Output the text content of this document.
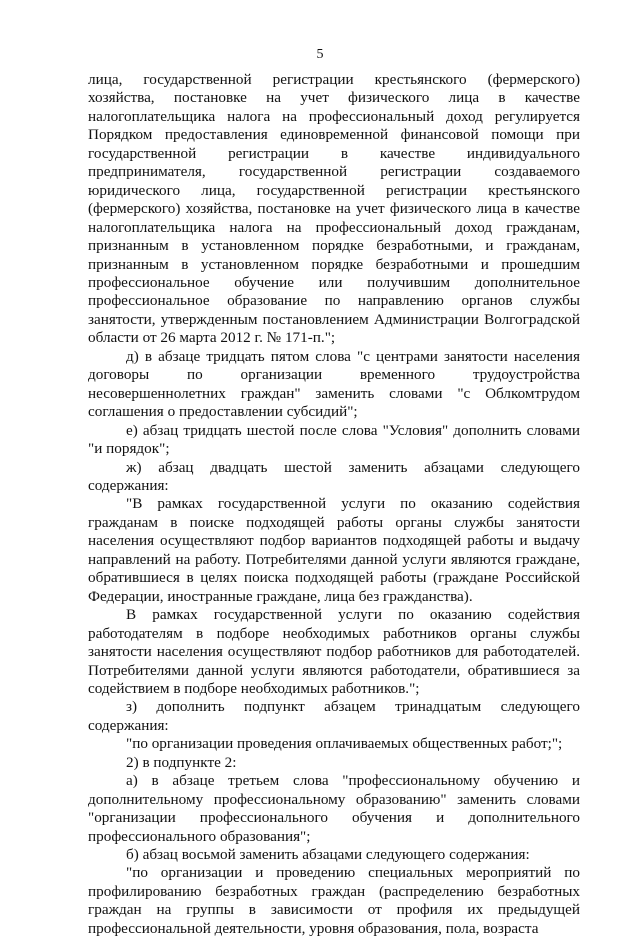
5

лица, государственной регистрации крестьянского (фермерского) хозяйства, постановке на учет физического лица в качестве налогоплательщика налога на профессиональный доход регулируется Порядком предоставления единовременной финансовой помощи при государственной регистрации в качестве индивидуального предпринимателя, государственной регистрации создаваемого юридического лица, государственной регистрации крестьянского (фермерского) хозяйства, постановке на учет физического лица в качестве налогоплательщика налога на профессиональный доход гражданам, признанным в установленном порядке безработными, и гражданам, признанным в установленном порядке безработными и прошедшим профессиональное обучение или получившим дополнительное профессиональное образование по направлению органов службы занятости, утвержденным постановлением Администрации Волгоградской области от 26 марта 2012 г. № 171-п.";

д) в абзаце тридцать пятом слова "с центрами занятости населения договоры по организации временного трудоустройства несовершеннолетних граждан" заменить словами "с Облкомтрудом соглашения о предоставлении субсидий";

е) абзац тридцать шестой после слова "Условия" дополнить словами "и порядок";

ж) абзац двадцать шестой заменить абзацами следующего содержания:

"В рамках государственной услуги по оказанию содействия гражданам в поиске подходящей работы органы службы занятости населения осуществляют подбор вариантов подходящей работы и выдачу направлений на работу. Потребителями данной услуги являются граждане, обратившиеся в целях поиска подходящей работы (граждане Российской Федерации, иностранные граждане, лица без гражданства).

В рамках государственной услуги по оказанию содействия работодателям в подборе необходимых работников органы службы занятости населения осуществляют подбор работников для работодателей. Потребителями данной услуги являются работодатели, обратившиеся за содействием в подборе необходимых работников.";

з) дополнить подпункт абзацем тринадцатым следующего содержания:

"по организации проведения оплачиваемых общественных работ;";

2) в подпункте 2:

а) в абзаце третьем слова "профессиональному обучению и дополнительному профессиональному образованию" заменить словами "организации профессионального обучения и дополнительного профессионального образования";

б) абзац восьмой заменить абзацами следующего содержания:

"по организации и проведению специальных мероприятий по профилированию безработных граждан (распределению безработных граждан на группы в зависимости от профиля их предыдущей профессиональной деятельности, уровня образования, пола, возраста
